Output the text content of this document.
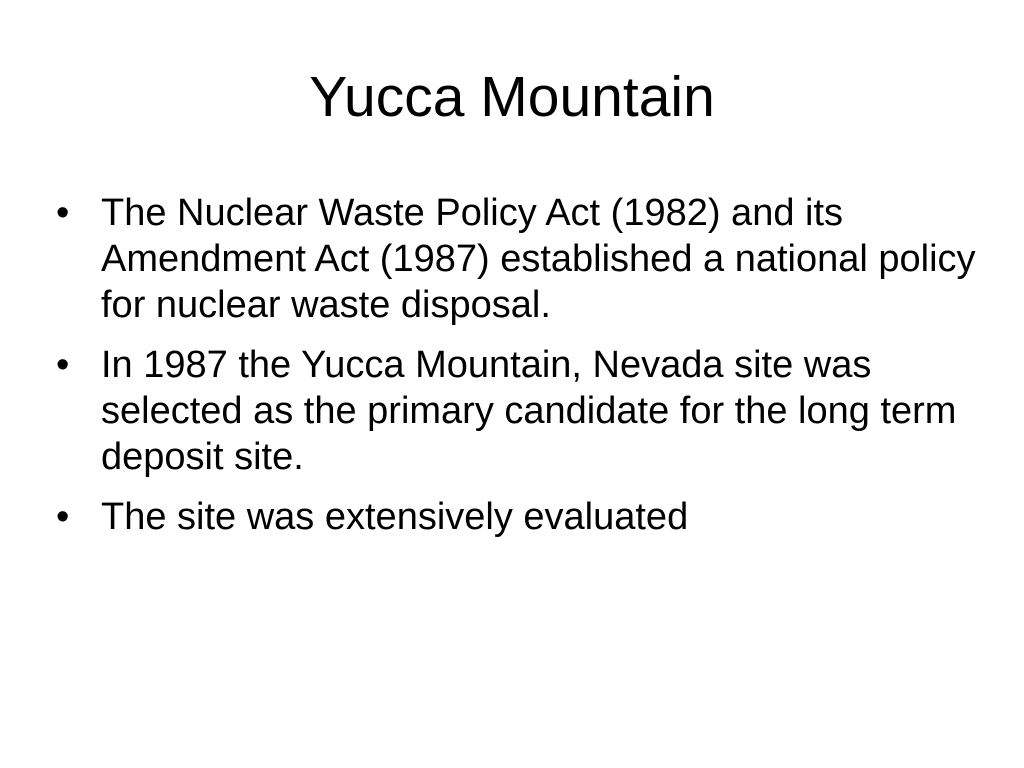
Yucca Mountain
• The Nuclear Waste Policy Act (1982) and its Amendment Act (1987) established a national policy for nuclear waste disposal.
• In 1987 the Yucca Mountain, Nevada site was selected as the primary candidate for the long term deposit site.
• The site was extensively evaluated
